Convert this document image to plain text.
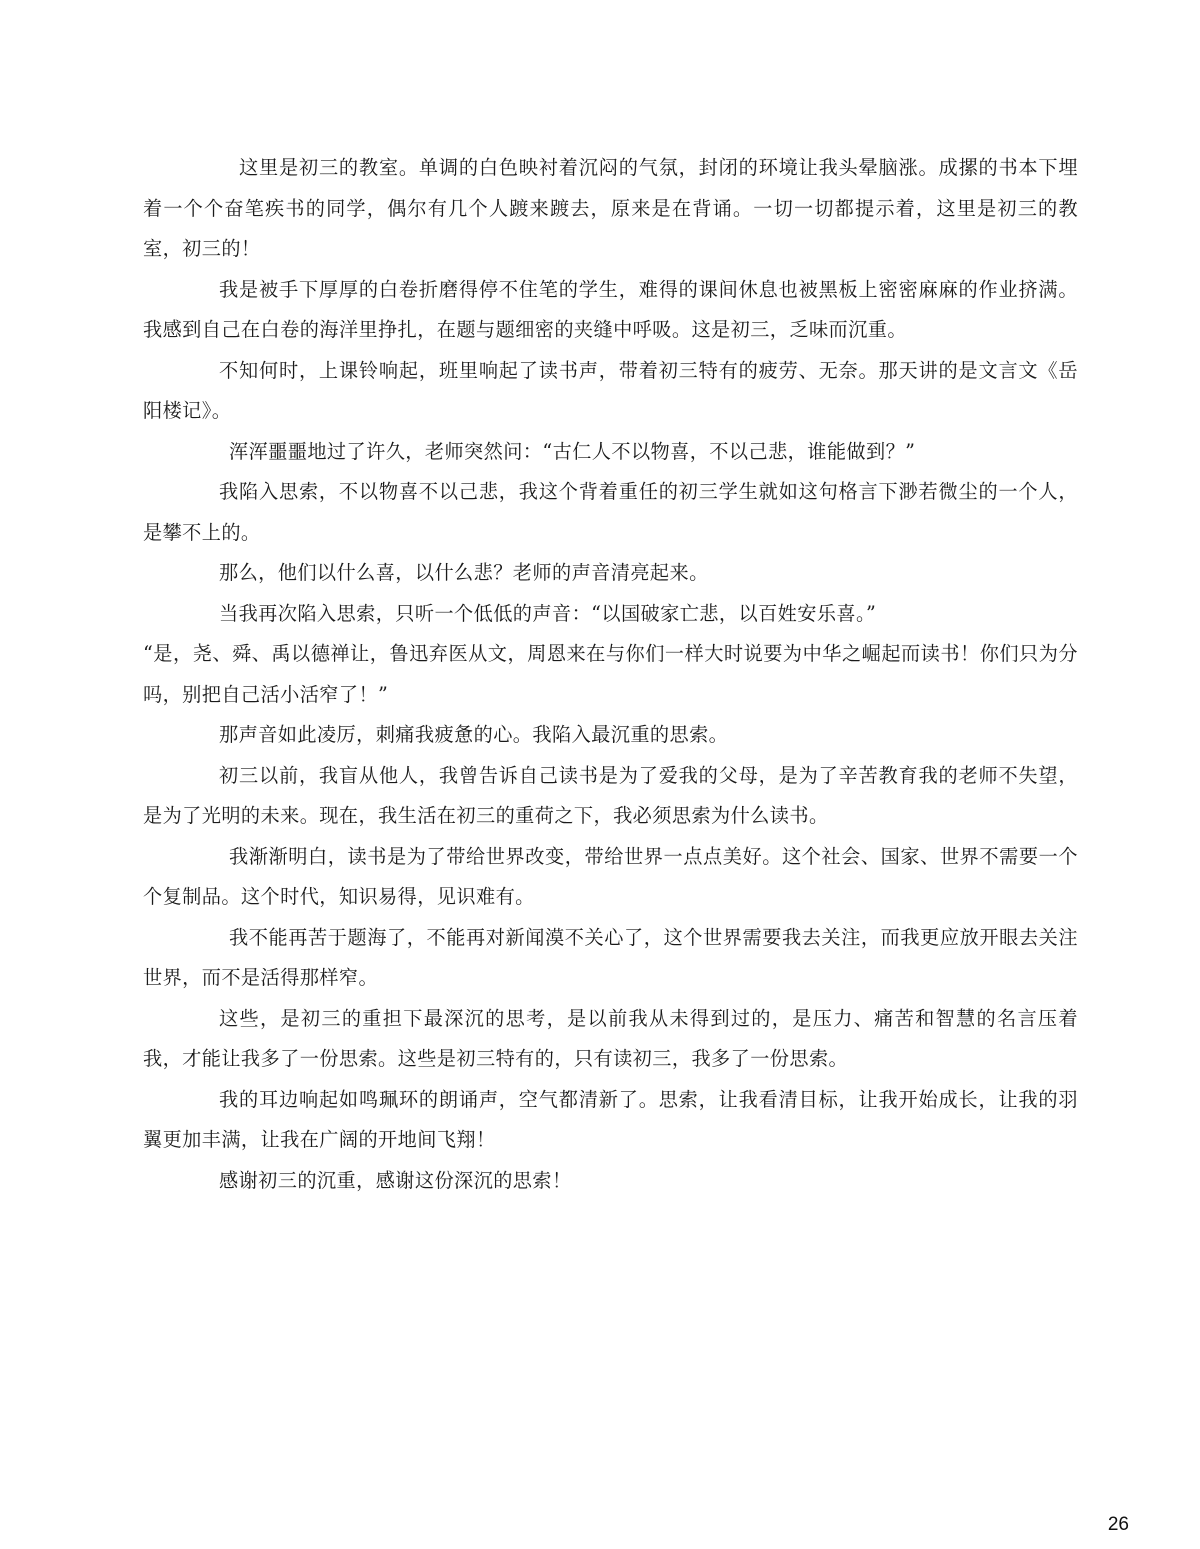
这里是初三的教室。单调的白色映衬着沉闷的气氛，封闭的环境让我头晕脑涨。成摞的书本下埋着一个个奋笔疾书的同学，偶尔有几个人踱来踱去，原来是在背诵。一切一切都提示着，这里是初三的教室，初三的！

我是被手下厚厚的白卷折磨得停不住笔的学生，难得的课间休息也被黑板上密密麻麻的作业挤满。我感到自己在白卷的海洋里挣扎，在题与题细密的夹缝中呼吸。这是初三，乏味而沉重。

不知何时，上课铃响起，班里响起了读书声，带着初三特有的疲劳、无奈。那天讲的是文言文《岳阳楼记》。

浑浑噩噩地过了许久，老师突然问：“古仁人不以物喜，不以己悲，谁能做到？”

我陷入思索，不以物喜不以己悲，我这个背着重任的初三学生就如这句格言下渺若微尘的一个人，是攀不上的。

那么，他们以什么喜，以什么悲？老师的声音清亮起来。

当我再次陷入思索，只听一个低低的声音：“以国破家亡悲，以百姓安乐喜。”

“是，尧、舜、禹以德禅让，鲁迅弃医从文，周恩来在与你们一样大时说要为中华之崛起而读书！你们只为分吗，别把自己活小活窄了！”

那声音如此凌厉，刺痛我疲惫的心。我陷入最沉重的思索。

初三以前，我盲从他人，我曾告诉自己读书是为了爱我的父母，是为了辛苦教育我的老师不失望，是为了光明的未来。现在，我生活在初三的重荷之下，我必须思索为什么读书。

我渐渐明白，读书是为了带给世界改变，带给世界一点点美好。这个社会、国家、世界不需要一个个复制品。这个时代，知识易得，见识难有。

我不能再苦于题海了，不能再对新闻漠不关心了，这个世界需要我去关注，而我更应放开眼去关注世界，而不是活得那样窄。

这些，是初三的重担下最深沉的思考，是以前我从未得到过的，是压力、痛苦和智慧的名言压着我，才能让我多了一份思索。这些是初三特有的，只有读初三，我多了一份思索。

我的耳边响起如鸣珮环的朗诵声，空气都清新了。思索，让我看清目标，让我开始成长，让我的羽翼更加丰满，让我在广阔的开地间飞翔！

感谢初三的沉重，感谢这份深沉的思索！

26
